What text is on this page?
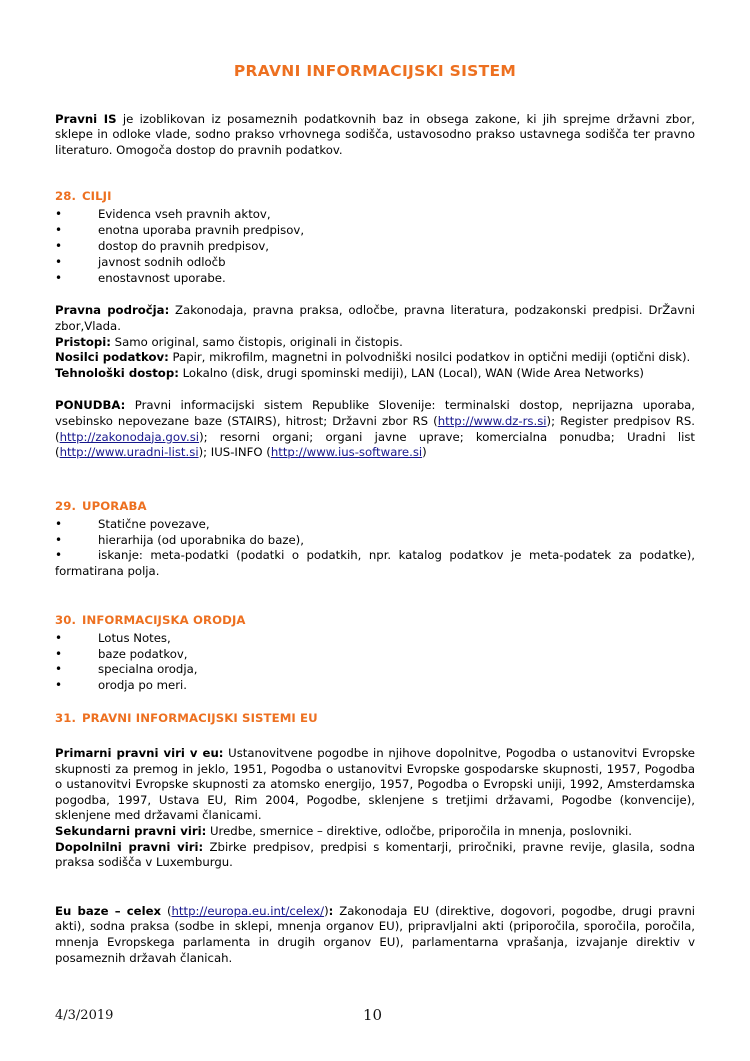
PRAVNI INFORMACIJSKI SISTEM

Pravni IS je izoblikovan iz posameznih podatkovnih baz in obsega zakone, ki jih sprejme državni zbor, sklepe in odloke vlade, sodno prakso vrhovnega sodišča, ustavosodno prakso ustavnega sodišča ter pravno literaturo. Omogoča dostop do pravnih podatkov.

28. CILJI
• Evidenca vseh pravnih aktov,
• enotna uporaba pravnih predpisov,
• dostop do pravnih predpisov,
• javnost sodnih odločb
• enostavnost uporabe.

Pravna področja: Zakonodaja, pravna praksa, odločbe, pravna literatura, podzakonski predpisi. DrŽavni zbor,Vlada.

Pristopi: Samo original, samo čistopis, originali in čistopis.

Nosilci podatkov: Papir, mikrofilm, magnetni in polvodniški nosilci podatkov in optični mediji (optični disk).

Tehnološki dostop: Lokalno (disk, drugi spominski mediji), LAN (Local), WAN (Wide Area Networks)

PONUDBA: Pravni informacijski sistem Republike Slovenije: terminalski dostop, neprijazna uporaba, vsebinsko nepovezane baze (STAIRS), hitrost; Državni zbor RS (http://www.dz-rs.si); Register predpisov RS. (http://zakonodaja.gov.si); resorni organi; organi javne uprave; komercialna ponudba; Uradni list (http://www.uradni-list.si); IUS-INFO (http://www.ius-software.si)

29. UPORABA
• Statične povezave,
• hierarhija (od uporabnika do baze),
• iskanje: meta-podatki (podatki o podatkih, npr. katalog podatkov je meta-podatek za podatke), formatirana polja.
30. INFORMACIJSKA ORODJA
• Lotus Notes,
• baze podatkov,
• specialna orodja,
• orodja po meri.
31. PRAVNI INFORMACIJSKI SISTEMI EU

Primarni pravni viri v eu: Ustanovitvene pogodbe in njihove dopolnitve, Pogodba o ustanovitvi Evropske skupnosti za premog in jeklo, 1951, Pogodba o ustanovitvi Evropske gospodarske skupnosti, 1957, Pogodba o ustanovitvi Evropske skupnosti za atomsko energijo, 1957, Pogodba o Evropski uniji, 1992, Amsterdamska pogodba, 1997, Ustava EU, Rim 2004, Pogodbe, sklenjene s tretjimi državami, Pogodbe (konvencije), sklenjene med državami članicami.

Sekundarni pravni viri: Uredbe, smernice – direktive, odločbe, priporočila in mnenja, poslovniki.

Dopolnilni pravni viri: Zbirke predpisov, predpisi s komentarji, priročniki, pravne revije, glasila, sodna praksa sodišča v Luxemburgu.

Eu baze – celex (http://europa.eu.int/celex/): Zakonodaja EU (direktive, dogovori, pogodbe, drugi pravni akti), sodna praksa (sodbe in sklepi, mnenja organov EU), pripravljalni akti (priporočila, sporočila, poročila, mnenja Evropskega parlamenta in drugih organov EU), parlamentarna vprašanja, izvajanje direktiv v posameznih državah članicah.

4/3/2019	10
